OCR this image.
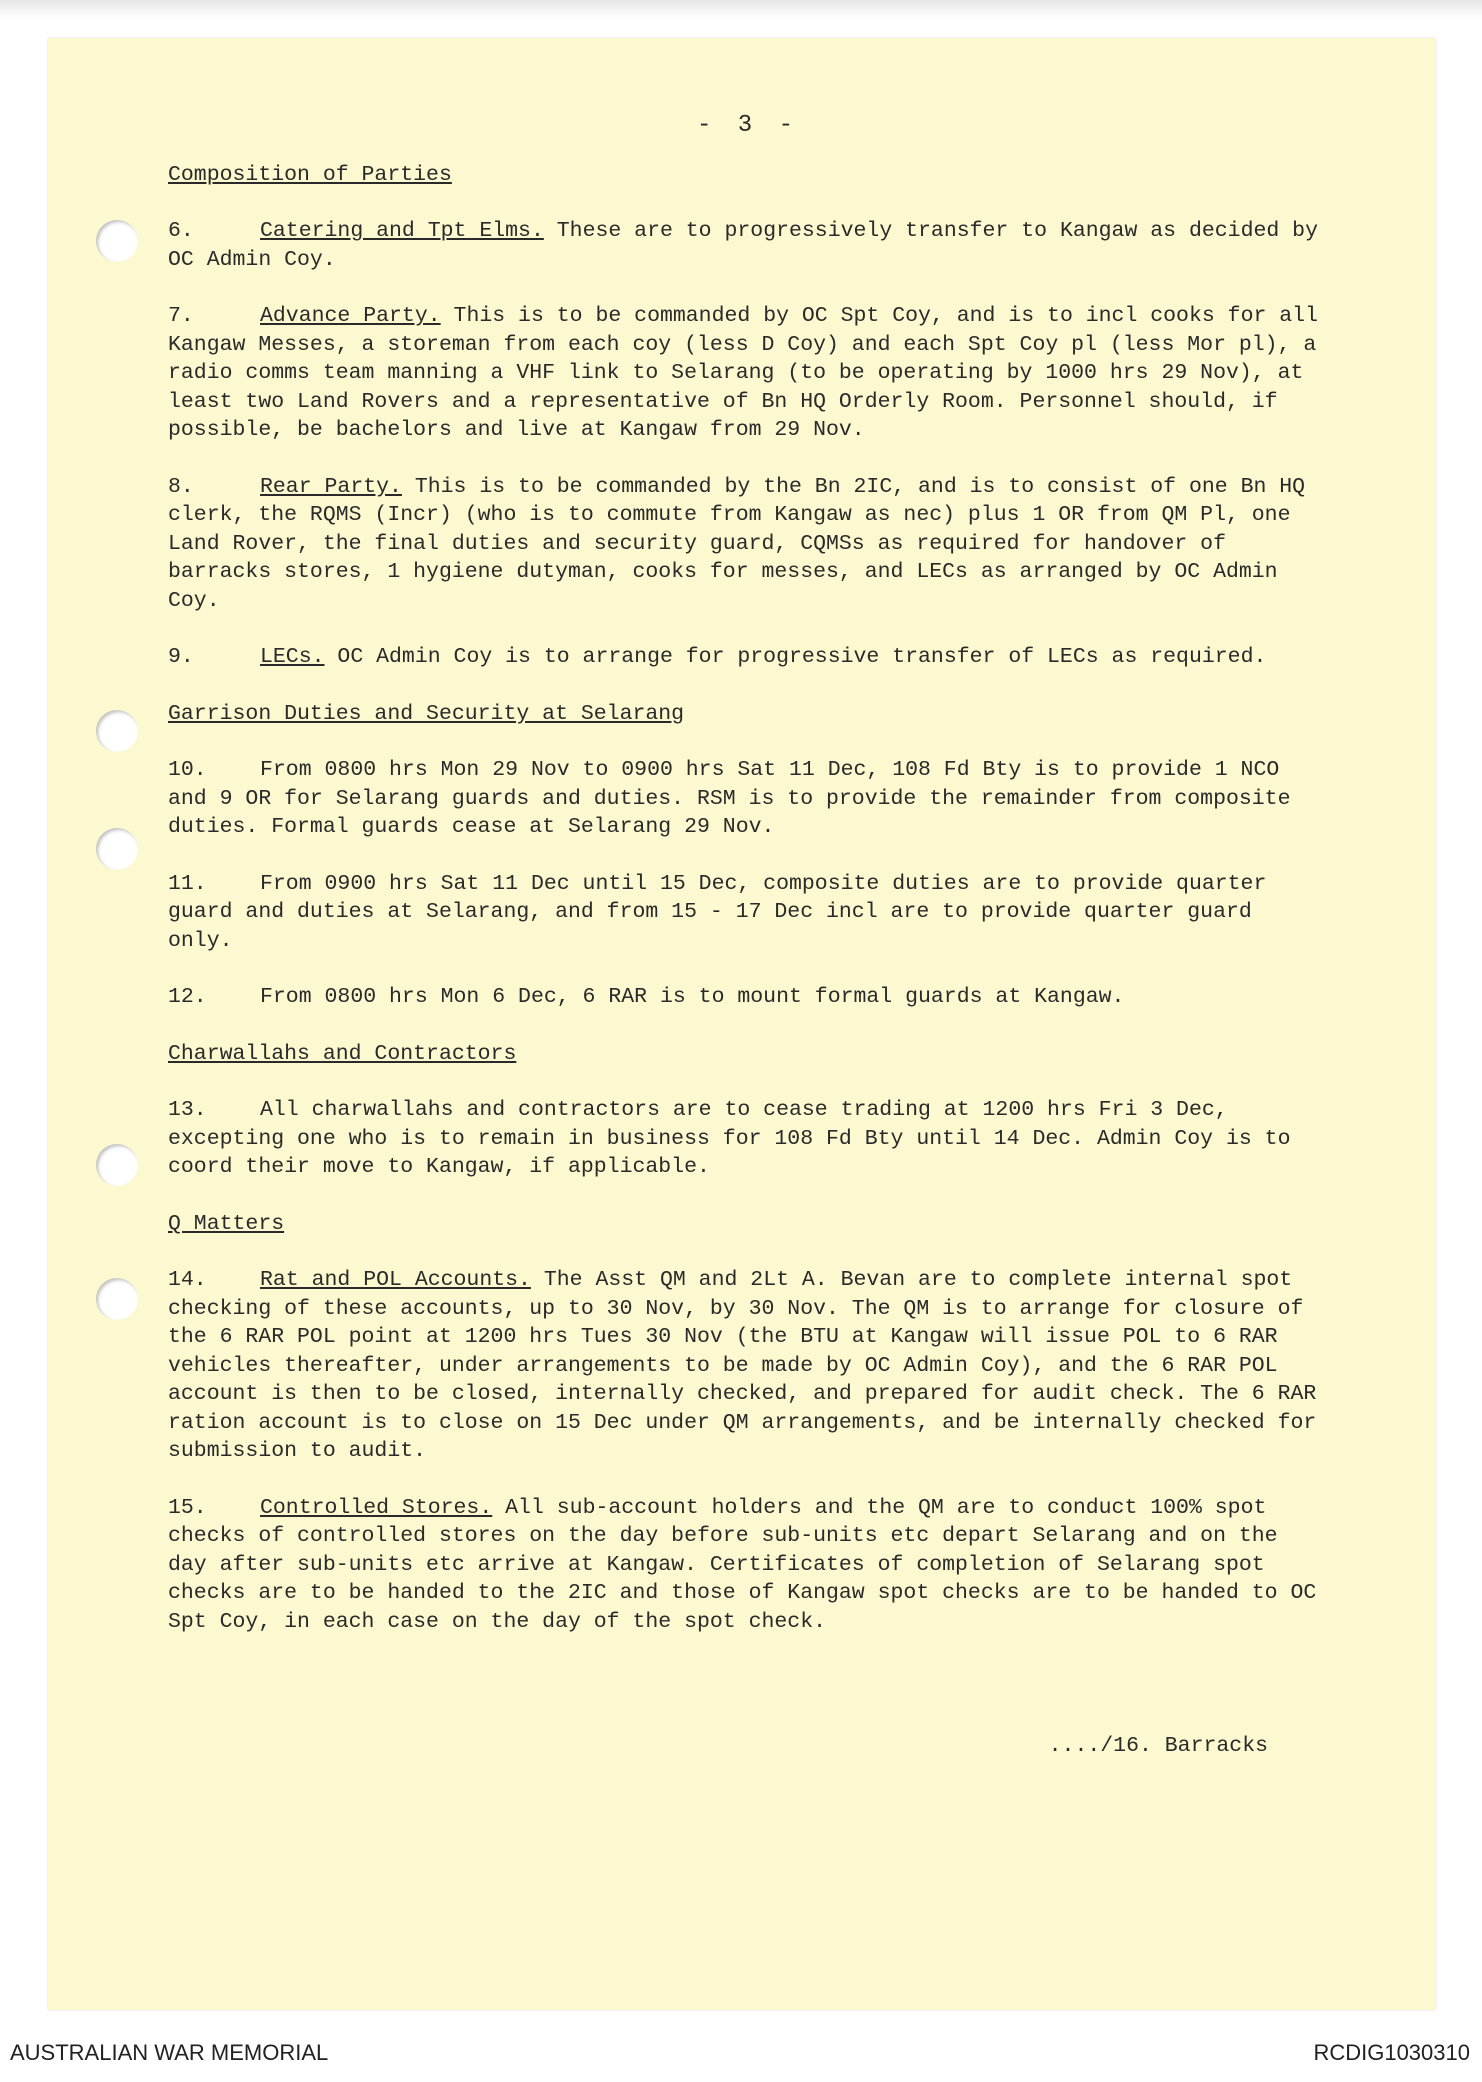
- 3 -
Composition of Parties
6.	Catering and Tpt Elms. These are to progressively transfer to Kangaw as decided by OC Admin Coy.
7.	Advance Party. This is to be commanded by OC Spt Coy, and is to incl cooks for all Kangaw Messes, a storeman from each coy (less D Coy) and each Spt Coy pl (less Mor pl), a radio comms team manning a VHF link to Selarang (to be operating by 1000 hrs 29 Nov), at least two Land Rovers and a representative of Bn HQ Orderly Room. Personnel should, if possible, be bachelors and live at Kangaw from 29 Nov.
8.	Rear Party. This is to be commanded by the Bn 2IC, and is to consist of one Bn HQ clerk, the RQMS (Incr) (who is to commute from Kangaw as nec) plus 1 OR from QM Pl, one Land Rover, the final duties and security guard, CQMSs as required for handover of barracks stores, 1 hygiene dutyman, cooks for messes, and LECs as arranged by OC Admin Coy.
9.	LECs. OC Admin Coy is to arrange for progressive transfer of LECs as required.
Garrison Duties and Security at Selarang
10. From 0800 hrs Mon 29 Nov to 0900 hrs Sat 11 Dec, 108 Fd Bty is to provide 1 NCO and 9 OR for Selarang guards and duties. RSM is to provide the remainder from composite duties. Formal guards cease at Selarang 29 Nov.
11. From 0900 hrs Sat 11 Dec until 15 Dec, composite duties are to provide quarter guard and duties at Selarang, and from 15 - 17 Dec incl are to provide quarter guard only.
12. From 0800 hrs Mon 6 Dec, 6 RAR is to mount formal guards at Kangaw.
Charwallahs and Contractors
13. All charwallahs and contractors are to cease trading at 1200 hrs Fri 3 Dec, excepting one who is to remain in business for 108 Fd Bty until 14 Dec. Admin Coy is to coord their move to Kangaw, if applicable.
Q Matters
14. Rat and POL Accounts. The Asst QM and 2Lt A. Bevan are to complete internal spot checking of these accounts, up to 30 Nov, by 30 Nov. The QM is to arrange for closure of the 6 RAR POL point at 1200 hrs Tues 30 Nov (the BTU at Kangaw will issue POL to 6 RAR vehicles thereafter, under arrangements to be made by OC Admin Coy), and the 6 RAR POL account is then to be closed, internally checked, and prepared for audit check. The 6 RAR ration account is to close on 15 Dec under QM arrangements, and be internally checked for submission to audit.
15. Controlled Stores. All sub-account holders and the QM are to conduct 100% spot checks of controlled stores on the day before sub-units etc depart Selarang and on the day after sub-units etc arrive at Kangaw. Certificates of completion of Selarang spot checks are to be handed to the 2IC and those of Kangaw spot checks are to be handed to OC Spt Coy, in each case on the day of the spot check.
..../16. Barracks
AUSTRALIAN WAR MEMORIAL	RCDIG1030310
